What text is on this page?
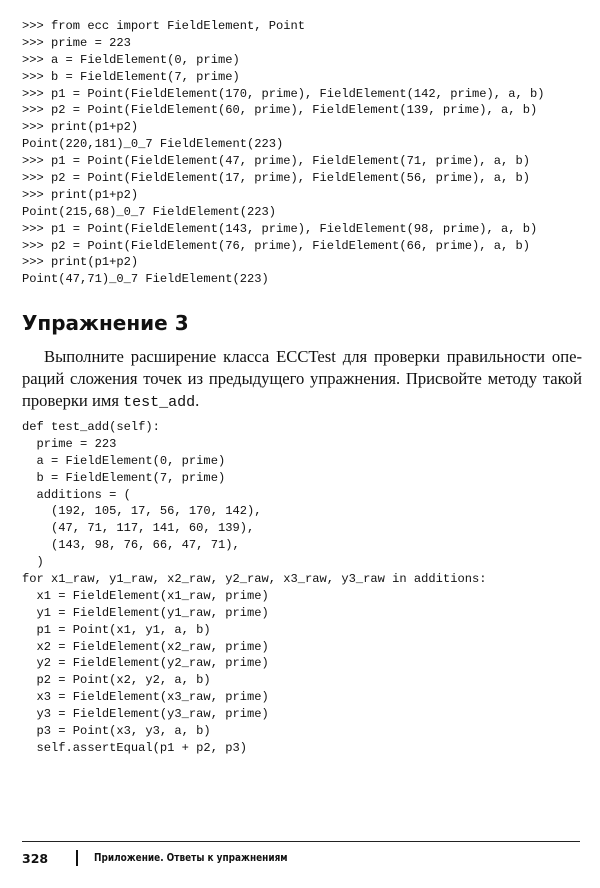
>>> from ecc import FieldElement, Point
>>> prime = 223
>>> a = FieldElement(0, prime)
>>> b = FieldElement(7, prime)
>>> p1 = Point(FieldElement(170, prime), FieldElement(142, prime), a, b)
>>> p2 = Point(FieldElement(60, prime), FieldElement(139, prime), a, b)
>>> print(p1+p2)
Point(220,181)_0_7 FieldElement(223)
>>> p1 = Point(FieldElement(47, prime), FieldElement(71, prime), a, b)
>>> p2 = Point(FieldElement(17, prime), FieldElement(56, prime), a, b)
>>> print(p1+p2)
Point(215,68)_0_7 FieldElement(223)
>>> p1 = Point(FieldElement(143, prime), FieldElement(98, prime), a, b)
>>> p2 = Point(FieldElement(76, prime), FieldElement(66, prime), a, b)
>>> print(p1+p2)
Point(47,71)_0_7 FieldElement(223)
Упражнение 3

Выполните расширение класса ECCTest для проверки правильности опе-
раций сложения точек из предыдущего упражнения. Присвойте методу такой
проверки имя test_add.

def test_add(self):
prime = 223
a = FieldElement(0, prime)
b = FieldElement(7, prime)
additions = (
(192, 105, 17, 56, 170, 142),
(47, 71, 117, 141, 60, 139),
(143, 98, 76, 66, 47, 71),
)
for x1_raw, y1_raw, x2_raw, y2_raw, x3_raw, y3_raw in additions:
x1 = FieldElement(x1_raw, prime)
y1 = FieldElement(y1_raw, prime)
p1 = Point(x1, y1, a, b)
x2 = FieldElement(x2_raw, prime)
y2 = FieldElement(y2_raw, prime)
p2 = Point(x2, y2, a, b)
x3 = FieldElement(x3_raw, prime)
y3 = FieldElement(y3_raw, prime)
p3 = Point(x3, y3, a, b)
self.assertEqual(p1 + p2, p3)
328	Приложение. Ответы к упражнениям
